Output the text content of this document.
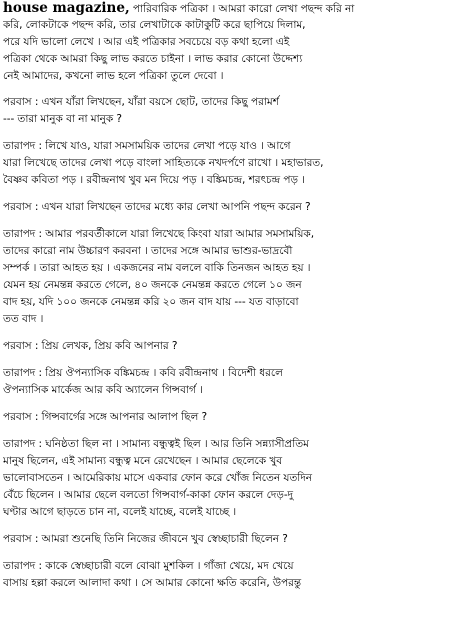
house magazine, পারিবারিক পত্রিকা । আমরা কারো লেখা পছন্দ করি না
করি, লোকটাকে পছন্দ করি, তার লেখাটাকে কাটাকুটি করে ছাপিয়ে দিলাম,
পরে যদি ভালো লেখে । আর এই পত্রিকার সবচেয়ে বড় কথা হলো এই
পত্রিকা থেকে আমরা কিছু লাভ করতে চাইনা । লাভ করার কোনো উদ্দেশ্য
নেই আমাদের, কখনো লাভ হলে পত্রিকা তুলে দেবো ।

পরবাস : এখন যাঁরা লিখছেন, যাঁরা বয়সে ছোট, তাদের কিছু পরামর্শ
--- তারা মানুক বা না মানুক ?

তারাপদ : লিখে যাও, যারা সমসাময়িক তাদের লেখা পড়ে যাও । আগে
যারা লিখেছে তাদের লেখা পড়ে বাংলা সাহিত্যকে নখদর্পণে রাখো । মহাভারত,
বৈষ্ণব কবিতা পড় । রবীন্দ্রনাথ খুব মন দিয়ে পড় । বঙ্কিমচন্দ্র, শরৎচন্দ্র পড় ।

পরবাস : এখন যারা লিখছেন তাদের মধ্যে কার লেখা আপনি পছন্দ করেন ?

তারাপদ : আমার পরবর্তীকালে যারা লিখেছে কিংবা যারা আমার সমসাময়িক,
তাদের কারো নাম উচ্চারণ করবনা । তাদের সঙ্গে আমার ভাশুর-ভাদ্রবৌ
সম্পর্ক । তারা আহত হয় । একজনের নাম বললে বাকি তিনজন আহত হয় ।
যেমন হয় নেমন্তন্ন করতে গেলে, ৪০ জনকে নেমন্তন্ন করতে গেলে ১০ জন
বাদ হয়, যদি ১০০ জনকে নেমন্তন্ন করি ২০ জন বাদ যায় --- যত বাড়াবো
তত বাদ ।

পরবাস : প্রিয় লেখক, প্রিয় কবি আপনার ?

তারাপদ : প্রিয় ঔপন্যাসিক বঙ্কিমচন্দ্র । কবি রবীন্দ্রনাথ । বিদেশী ধরলে
ঔপন্যাসিক মার্কেজ আর কবি অ্যালেন গিন্সবার্গ ।

পরবাস : গিন্সবার্গের সঙ্গে আপনার আলাপ ছিল ?

তারাপদ : ঘনিষ্ঠতা ছিল না । সামান্য বন্ধুত্বই ছিল । আর তিনি সন্ন্যাসীপ্রতিম
মানুষ ছিলেন, এই সামান্য বন্ধুত্ব মনে রেখেছেন । আমার ছেলেকে খুব
ভালোবাসতেন । আমেরিকায় মাসে একবার ফোন করে খোঁজ নিতেন যতদিন
বেঁচে ছিলেন । আমার ছেলে বলতো গিন্সবার্গ-কাকা ফোন করলে দেড়-দু
ঘণ্টার আগে ছাড়তে চান না, বলেই যাচ্ছে, বলেই যাচ্ছে ।

পরবাস : আমরা শুনেছি তিনি নিজের জীবনে খুব স্বেচ্ছাচারী ছিলেন ?

তারাপদ : কাকে স্বেচ্ছাচারী বলে বোঝা মুশকিল । গাঁজা খেয়ে, মদ খেয়ে
বাসায় হল্লা করলে আলাদা কথা । সে আমার কোনো ক্ষতি করেনি, উপরন্তু
